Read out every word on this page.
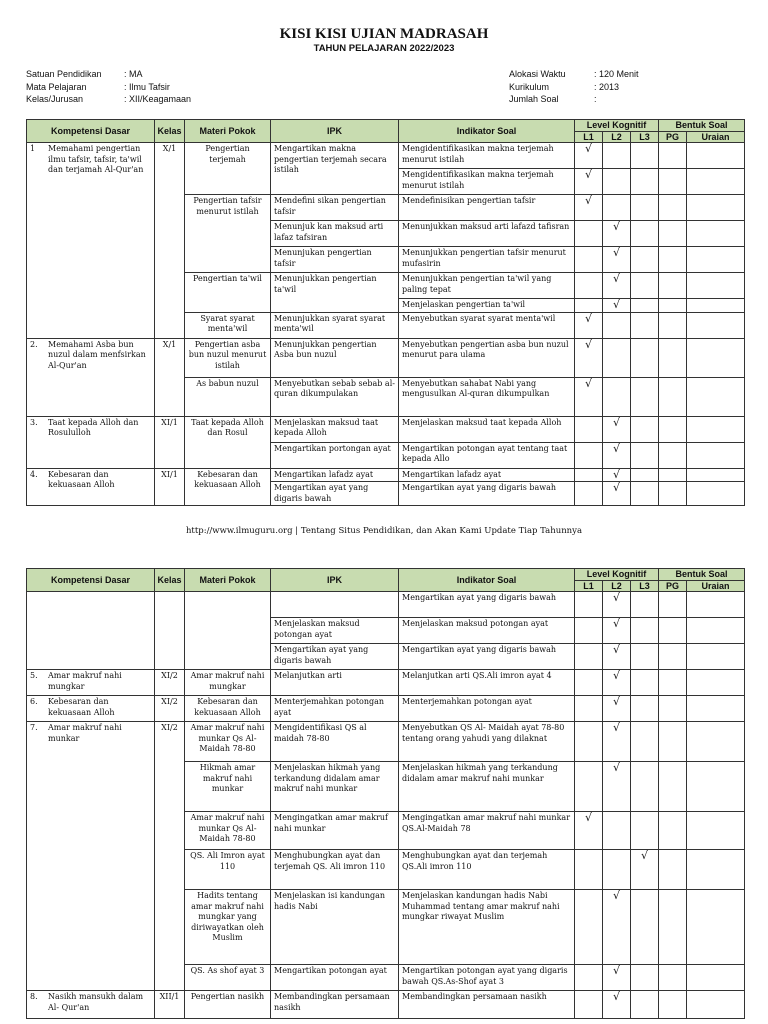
KISI KISI UJIAN MADRASAH
TAHUN PELAJARAN 2022/2023
Satuan Pendidikan	: MA
Mata Pelajaran	: Ilmu Tafsir
Kelas/Jurusan	: XII/Keagamaan
Alokasi Waktu	: 120 Menit
Kurikulum	: 2013
Jumlah Soal	:
Kompetensi Dasar	Kelas	Materi Pokok	IPK	Indikator Soal	Level Kognitif			Bentuk Soal	
					L1	L2	L3	PG	Uraian

1 Memahami pengertian ilmu tafsir, tafsir, ta'wil dan terjamah Al-Qur'an	X/1	Pengertian terjemah	Mengartikan makna pengertian terjemah secara istilah	Mengidentifikasikan makna terjemah menurut istilah	√				
				Mengidentifikasikan makna terjemah menurut istilah	√				
		Pengertian tafsir menurut istilah	Mendefini sikan pengertian tafsir	Mendefinisikan pengertian tafsir	√				
			Menunjuk kan maksud arti lafaz tafsiran	Menunjukkan maksud arti lafazd tafisran		√			
			Menunjukan pengertian tafsir	Menunjukkan pengertian tafsir menurut mufasirin		√			
		Pengertian ta'wil	Menunjukkan pengertian ta'wil	Menunjukkan pengertian ta'wil yang paling tepat		√			
				Menjelaskan pengertian ta'wil		√			
		Syarat syarat menta'wil	Menunjukkan syarat syarat menta'wil	Menyebutkan syarat syarat menta'wil	√				

2. Memahami Asba bun nuzul dalam menfsirkan Al-Qur'an	X/1	Pengertian asba bun nuzul menurut istilah	Menunjukkan pengertian Asba bun nuzul	Menyebutkan pengertian asba bun nuzul menurut para ulama	√				
		As babun nuzul	Menyebutkan sebab sebab al-quran dikumpulakan	Menyebutkan sahabat Nabi yang mengusulkan Al-quran dikumpulkan	√				

3. Taat kepada Alloh dan Rosululloh	XI/1	Taat kepada Alloh dan Rosul	Menjelaskan maksud taat kepada Alloh	Menjelaskan maksud taat kepada Alloh		√			
			Mengartikan portongan ayat	Mengartikan potongan ayat tentang taat kepada Allo		√			

4. Kebesaran dan kekuasaan Alloh	XI/1	Kebesaran dan kekuasaan Alloh	Mengartikan lafadz ayat	Mengartikan lafadz ayat		√			
			Mengartikan ayat yang digaris bawah	Mengartikan ayat yang digaris bawah		√			
http://www.ilmuguru.org | Tentang Situs Pendidikan, dan Akan Kami Update Tiap Tahunnya
Kompetensi Dasar	Kelas	Materi Pokok	IPK	Indikator Soal	Level Kognitif			Bentuk Soal	
					L1	L2	L3	PG	Uraian

				Mengartikan ayat yang digaris bawah		√			
			Menjelaskan maksud potongan ayat	Menjelaskan maksud potongan ayat		√			
			Mengartikan ayat yang digaris bawah	Mengartikan ayat yang digaris bawah		√			

5. Amar makruf nahi mungkar	XI/2	Amar makruf nahi mungkar	Melanjutkan arti	Melanjutkan arti QS.Ali imron ayat 4		√			

6. Kebesaran dan kekuasaan Alloh	XI/2	Kebesaran dan kekuasaan Alloh	Menterjemahkan potongan ayat	Menterjemahkan potongan ayat		√			

7. Amar makruf nahi munkar	XI/2	Amar makruf nahi munkar Qs Al-Maidah 78-80	Mengidentifikasi QS al maidah 78-80	Menyebutkan QS Al- Maidah ayat 78-80 tentang orang yahudi yang dilaknat		√			
		Hikmah amar makruf nahi munkar	Menjelaskan hikmah yang terkandung didalam amar makruf nahi munkar	Menjelaskan hikmah yang terkandung didalam amar makruf nahi munkar		√			
		Amar makruf nahi munkar Qs Al-Maidah 78-80	Mengingatkan amar makruf nahi munkar	Mengingatkan amar makruf nahi munkar QS.Al-Maidah 78	√				
		QS. Ali Imron ayat 110	Menghubungkan ayat dan terjemah QS. Ali imron 110	Menghubungkan ayat dan terjemah QS.Ali imron 110			√		
		Hadits tentang amar makruf nahi mungkar yang diriwayatkan oleh Muslim	Menjelaskan isi kandungan hadis Nabi	Menjelaskan kandungan hadis Nabi Muhammad tentang amar makruf nahi mungkar riwayat Muslim		√			
		QS. As shof ayat 3	Mengartikan potongan ayat	Mengartikan potongan ayat yang digaris bawah QS.As-Shof ayat 3		√			

8. Nasikh mansukh dalam Al- Qur'an	XII/1	Pengertian nasikh	Membandingkan persamaan nasikh	Membandingkan persamaan nasikh		√			
